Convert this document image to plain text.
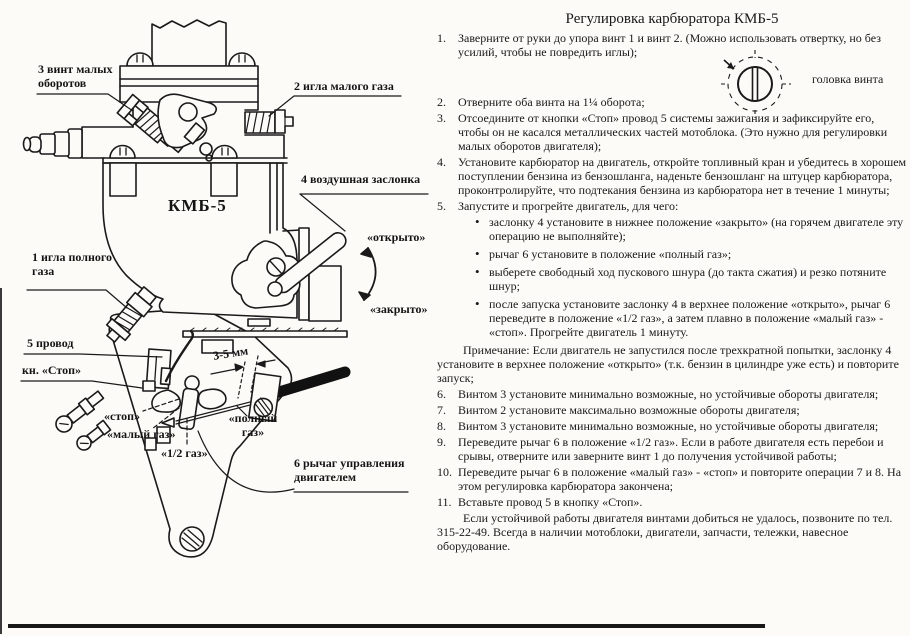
3 винт малых оборотов	2 игла малого газа
4 воздушная заслонка
«открыто»
«закрыто»
1 игла полного газа
5 провод
кн. «Стоп»
«стоп»
«малый газ»
«1/2 газ»
«полный газ»
3-5 мм
6 рычаг управления двигателем
КМБ-5
Регулировка карбюратора КМБ-5
1.	Заверните от руки до упора винт 1 и винт 2. (Можно использовать отвертку, но без усилий, чтобы не повредить иглы);
2.	Отверните оба винта на 1¼ оборота;
3.	Отсоедините от кнопки «Стоп» провод 5 системы зажигания и зафиксируйте его, чтобы он не касался металлических частей мотоблока. (Это нужно для регулировки малых оборотов двигателя);
4.	Установите карбюратор на двигатель, откройте топливный кран и убедитесь в хорошем поступлении бензина из бензошланга, наденьте бензошланг на штуцер карбюратора, проконтролируйте, что подтекания бензина из карбюратора нет в течение 1 минуты;
5.	Запустите и прогрейте двигатель, для чего:
• заслонку 4 установите в нижнее положение «закрыто» (на горячем двигателе эту операцию не выполняйте);
• рычаг 6 установите в положение «полный газ»;
• выберете свободный ход пускового шнура (до такта сжатия) и резко потяните шнур;
• после запуска установите заслонку 4 в верхнее положение «открыто», рычаг 6 переведите в положение «1/2 газ», а затем плавно в положение «малый газ» - «стоп». Прогрейте двигатель 1 минуту.

Примечание: Если двигатель не запустился после трехкратной попытки, заслонку 4 установите в верхнее положение «открыто» (т.к. бензин в цилиндре уже есть) и повторите запуск;

6.	Винтом 3 установите минимально возможные, но устойчивые обороты двигателя;
7.	Винтом 2 установите максимально возможные обороты двигателя;
8.	Винтом 3 установите минимально возможные, но устойчивые обороты двигателя;
9.	Переведите рычаг 6 в положение «1/2 газ». Если в работе двигателя есть перебои и срывы, отверните или заверните винт 1 до получения устойчивой работы;
10. Переведите рычаг 6 в положение «малый газ» - «стоп» и повторите операции 7 и 8. На этом регулировка карбюратора закончена;
11. Вставьте провод 5 в кнопку «Стоп».

Если устойчивой работы двигателя винтами добиться не удалось, позвоните по тел. 315-22-49. Всегда в наличии мотоблоки, двигатели, запчасти, тележки, навесное оборудование.

головка винта
